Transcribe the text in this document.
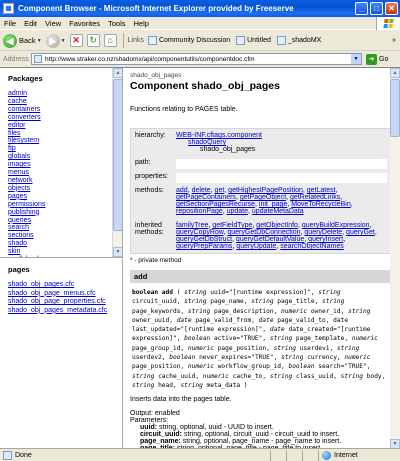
Component Browser - Microsoft Internet Explorer provided by Freeserve	_	□	✕
File	Edit	View	Favorites	Tools	Help
◀ Back ▼ ▶ ▼ ✕	↻	⌂	Links Community Discussion Untitled _shadoMX	»
Address	http://www.straker.co.nz/shadomx/api/componentutils/componentdoc.cfm	▼	➔ Go
Packages
admin
cache
containers
converters
editor
files
filesystem
ftp
globals
images
menus
network
objects
pages
permissions
publishing
queries
search
sections
shado
skin
▲
▼
pages
shado_obj_pages.cfc
shado_obj_page_menus.cfc
shado_obj_page_properties.cfc
shado_obj_pages_metadata.cfc
shado_obj_pages
Component shado_obj_pages
Functions relating to PAGES table.
hierarchy:	WEB-INF.cftags.component
shadoQuery
shado_obj_pages
path:
properties:
methods:	add, delete, get, getHighestPagePosition, getLatest, getPageContainers, getPageObject, getRelatedLinks, getSectionPagesRecurse, init_page, MoveToRecycleBin, repositionPage, update, updateMetaData
inherited methods:
familyTree, getFieldType, getObjectInfo, queryBuildExpression, queryCopyRow, queryGetDbConnection, queryDelete, queryGet, queryGetDbStruct, queryGetDefaultValue, queryInsert, queryPrepParams, queryUpdate, searchObjectNames
* - private method
add
boolean add ( string uuid="[runtime expression]", string circuit_uuid, string page_name, string page_title, string page_keywords, string page_description, numeric owner_id, string owner_uuid, date page_valid_from, date page_valid_to, date last_updated="[runtime expression]", date date_created="[runtime expression]", boolean active="TRUE", string page_template, numeric page_group_id, numeric page_position, string userdev1, string userdev2, boolean never_expires="TRUE", string currency, numeric page_position, numeric workflow_group_id, boolean search="TRUE", string cache_uuid, numeric cache_to, string class_uuid, string body, string head, string meta_data )
Inserts data into the pages table.
Output: enabled
Parameters:
uuid: string, optional, uuid - UUID to insert.
circuit_uuid: string, optional, circuit_uuid - circuit_uuid to insert.
page_name: string, optional, page_name - page_name to insert.
▲
▼
Done	Internet
